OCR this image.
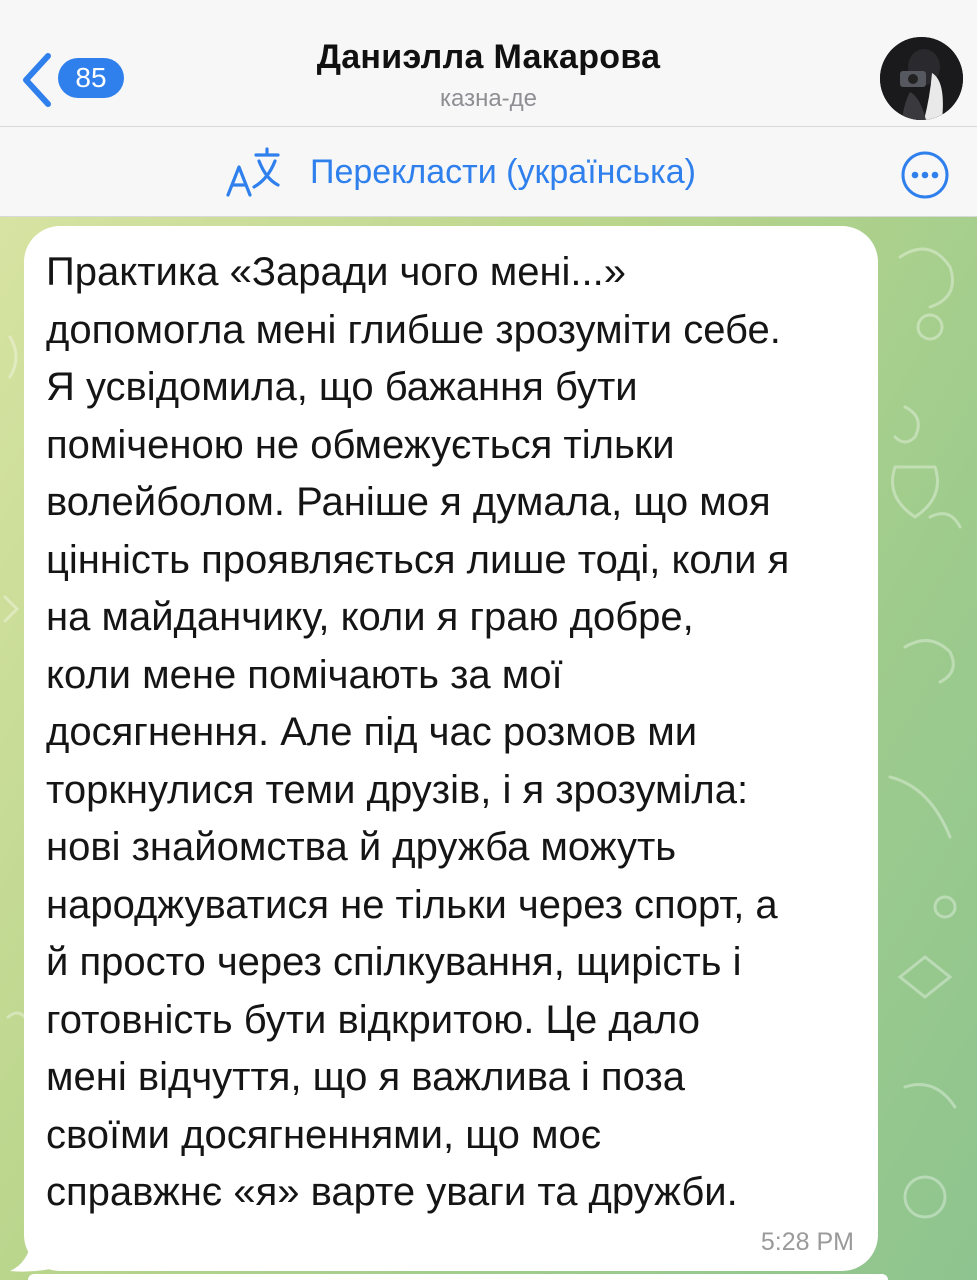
85
Даниэлла Макарова
казна-де
Перекласти (українська)
Практика «Заради чого мені...»
допомогла мені глибше зрозуміти себе.
Я усвідомила, що бажання бути
поміченою не обмежується тільки
волейболом. Раніше я думала, що моя
цінність проявляється лише тоді, коли я
на майданчику, коли я граю добре,
коли мене помічають за мої
досягнення. Але під час розмов ми
торкнулися теми друзів, і я зрозуміла:
нові знайомства й дружба можуть
народжуватися не тільки через спорт, а
й просто через спілкування, щирість і
готовність бути відкритою. Це дало
мені відчуття, що я важлива і поза
своїми досягненнями, що моє
справжнє «я» варте уваги та дружби.
5:28 PM
